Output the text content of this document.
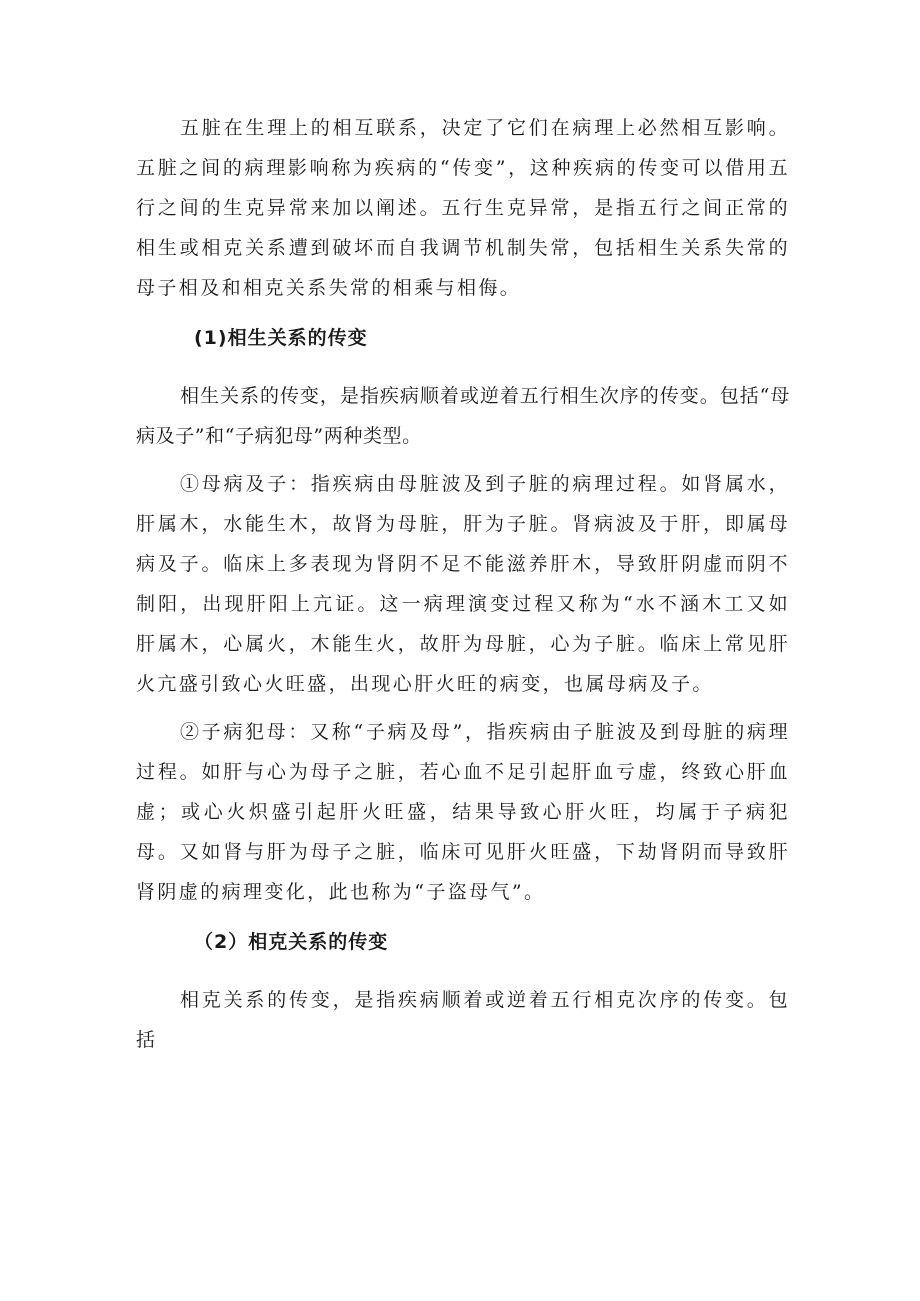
五脏在生理上的相互联系，决定了它们在病理上必然相互影响。五脏之间的病理影响称为疾病的“传变”，这种疾病的传变可以借用五行之间的生克异常来加以阐述。五行生克异常，是指五行之间正常的相生或相克关系遭到破坏而自我调节机制失常，包括相生关系失常的母子相及和相克关系失常的相乘与相侮。

(1)相生关系的传变

相生关系的传变，是指疾病顺着或逆着五行相生次序的传变。包括“母病及子”和“子病犯母”两种类型。

①母病及子：指疾病由母脏波及到子脏的病理过程。如肾属水，肝属木，水能生木，故肾为母脏，肝为子脏。肾病波及于肝，即属母病及子。临床上多表现为肾阴不足不能滋养肝木，导致肝阴虚而阴不制阳，出现肝阳上亢证。这一病理演变过程又称为“水不涵木工又如肝属木，心属火，木能生火，故肝为母脏，心为子脏。临床上常见肝火亢盛引致心火旺盛，出现心肝火旺的病变，也属母病及子。

②子病犯母：又称“子病及母”，指疾病由子脏波及到母脏的病理过程。如肝与心为母子之脏，若心血不足引起肝血亏虚，终致心肝血虚；或心火炽盛引起肝火旺盛，结果导致心肝火旺，均属于子病犯母。又如肾与肝为母子之脏，临床可见肝火旺盛，下劫肾阴而导致肝肾阴虚的病理变化，此也称为“子盗母气”。

（2）相克关系的传变

相克关系的传变，是指疾病顺着或逆着五行相克次序的传变。包括
